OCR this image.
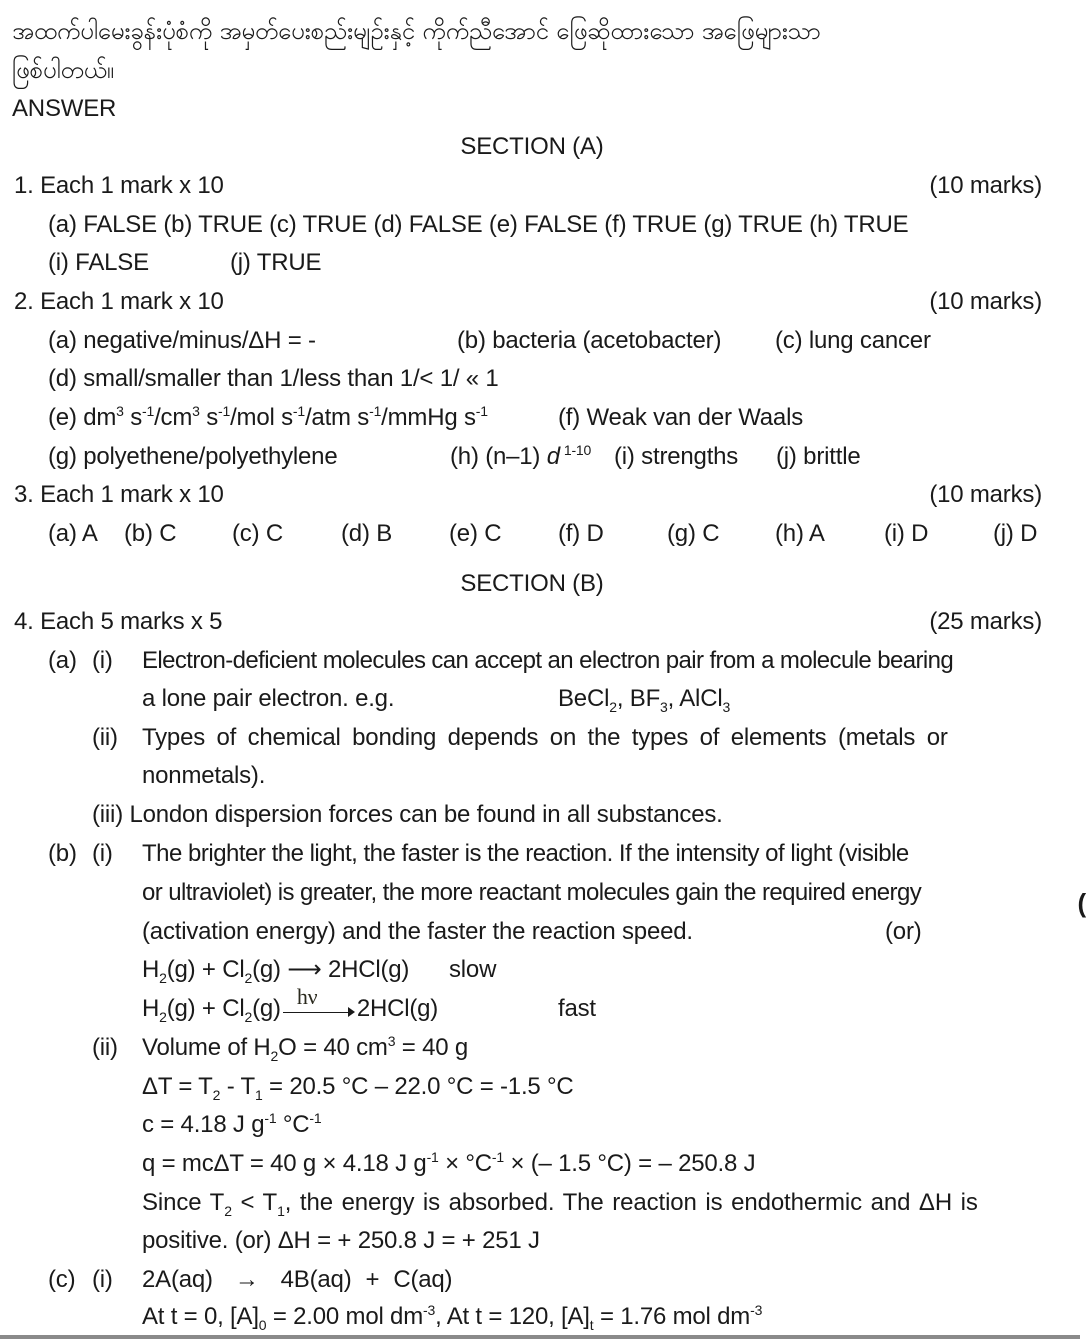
အထက်ပါမေးခွန်းပုံစံကို အမှတ်ပေးစည်းမျဉ်းနှင့် ကိုက်ညီအောင် ဖြေဆိုထားသော အဖြေများသာ
ဖြစ်ပါတယ်။
ANSWER
SECTION (A)
1. Each 1 mark x 10	(10 marks)
(a) FALSE (b) TRUE (c) TRUE (d) FALSE (e) FALSE (f) TRUE (g) TRUE (h) TRUE
(i) FALSE	(j) TRUE
2. Each 1 mark x 10	(10 marks)
(a) negative/minus/ΔH = -	(b) bacteria (acetobacter) (c) lung cancer
(d) small/smaller than 1/less than 1/< 1/ « 1
(e) $dm^3$ $s^{-1}/cm^3$ $s^{-1}$/mol $s^{-1}$/atm $s^{-1}$/mmHg $s^{-1}$	(f) Weak van der Waals
(g) polyethene/polyethylene	(h) (n–1) d $^{1-10}$ (i) strengths (j) brittle
3. Each 1 mark x 10	(10 marks)
(a) A (b) C (c) C (d) B (e) C (f) D	(g) C (h) A (i) D	(j) D
SECTION (B)
4. Each 5 marks x 5	(25 marks)
(a) (i) Electron-deficient molecules can accept an electron pair from a molecule bearing
a lone pair electron. e.g.	BeCl$_2$, $BF_3$, AlCl$_3$
(ii) Types of chemical bonding depends on the types of elements (metals or
nonmetals).
(iii) London dispersion forces can be found in all substances.
(b) (i) The brighter the light, the faster is the reaction. If the intensity of light (visible
or ultraviolet) is greater, the more reactant molecules gain the required energy
(activation energy) and the faster the reaction speed.	(or)
$H_2(g) + Cl_2(g)$ ⟶ 2HCl(g) slow
$H_2(g) + Cl_2(g)$ hν 2HCl(g)	fast
(ii) Volume of $H_2O = 40$ $cm^3 = 40$ g
$\Delta T = T_2 - T_1 = 20.5$ °C – 22.0 °C = -1.5 °C
c = 4.18 J $g^{-1}$ $^\circ C^{-1}$
q = mcΔT = 40 g × 4.18 J $g^{-1} \times ^\circ C^{-1}$ × (– 1.5 °C) = – 250.8 J
Since $T_2 < T_1$, the energy is absorbed. The reaction is endothermic and ΔH is
positive. (or) ΔH = + 250.8 J = + 251 J
(c) (i) 2A(aq) → 4B(aq) + C(aq)
At t = 0, $[A]_0 = 2.00$ mol $dm^{-3}$, At t = 120, $[A]_t = 1.76$ mol $dm^{-3}$
(
